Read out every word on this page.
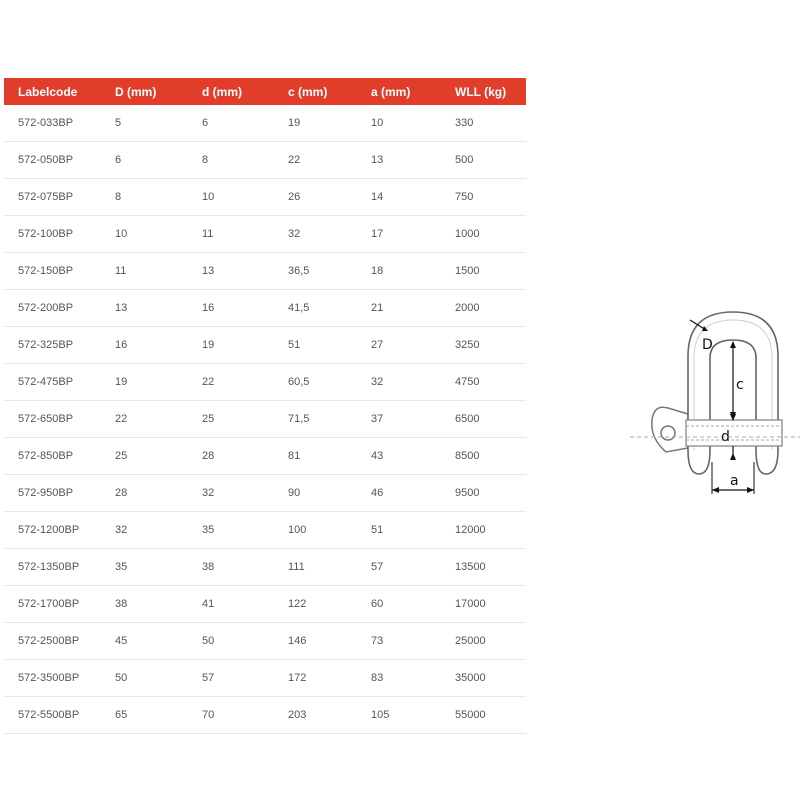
Labelcode	D (mm)	d (mm)	c (mm)	a (mm)	WLL (kg)
572-033BP	5	6	19	10	330
572-050BP	6	8	22	13	500
572-075BP	8	10	26	14	750
572-100BP	10	11	32	17	1000
572-150BP	11	13	36,5	18	1500
572-200BP	13	16	41,5	21	2000
572-325BP	16	19	51	27	3250
572-475BP	19	22	60,5	32	4750
572-650BP	22	25	71,5	37	6500
572-850BP	25	28	81	43	8500
572-950BP	28	32	90	46	9500
572-1200BP	32	35	100	51	12000
572-1350BP	35	38	111	57	13500
572-1700BP	38	41	122	60	17000
572-2500BP	45	50	146	73	25000
572-3500BP	50	57	172	83	35000
572-5500BP	65	70	203	105	55000
D
c
d
a
